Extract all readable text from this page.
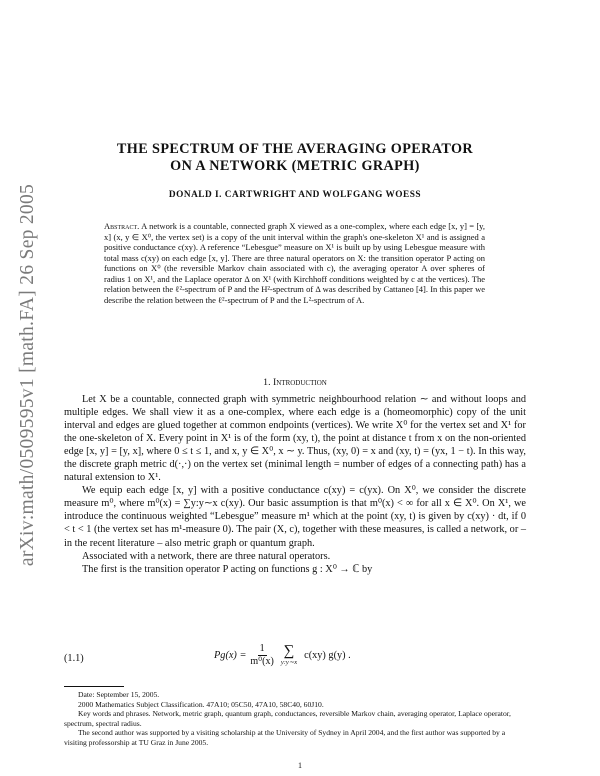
arXiv:math/0509595v1 [math.FA] 26 Sep 2005
THE SPECTRUM OF THE AVERAGING OPERATOR
ON A NETWORK (METRIC GRAPH)
DONALD I. CARTWRIGHT AND WOLFGANG WOESS
Abstract. A network is a countable, connected graph X viewed as a one-complex, where each edge [x, y] = [y, x] (x, y ∈ X⁰, the vertex set) is a copy of the unit interval within the graph's one-skeleton X¹ and is assigned a positive conductance c(xy). A reference “Lebesgue” measure on X¹ is built up by using Lebesgue measure with total mass c(xy) on each edge [x, y]. There are three natural operators on X: the transition operator P acting on functions on X⁰ (the reversible Markov chain associated with c), the averaging operator A over spheres of radius 1 on X¹, and the Laplace operator Δ on X¹ (with Kirchhoff conditions weighted by c at the vertices). The relation between the ℓ²-spectrum of P and the H²-spectrum of Δ was described by Cattaneo [4]. In this paper we describe the relation between the ℓ²-spectrum of P and the L²-spectrum of A.
1. Introduction

Let X be a countable, connected graph with symmetric neighbourhood relation ∼ and without loops and multiple edges. We shall view it as a one-complex, where each edge is a (homeomorphic) copy of the unit interval and edges are glued together at common endpoints (vertices). We write X⁰ for the vertex set and X¹ for the one-skeleton of X. Every point in X¹ is of the form (xy, t), the point at distance t from x on the non-oriented edge [x, y] = [y, x], where 0 ≤ t ≤ 1, and x, y ∈ X⁰, x ∼ y. Thus, (xy, 0) = x and (xy, t) = (yx, 1 − t). In this way, the discrete graph metric d(·,·) on the vertex set (minimal length = number of edges of a connecting path) has a natural extension to X¹.

We equip each edge [x, y] with a positive conductance c(xy) = c(yx). On X⁰, we consider the discrete measure m⁰, where m⁰(x) = ∑y:y∼x c(xy). Our basic assumption is that m⁰(x) < ∞ for all x ∈ X⁰. On X¹, we introduce the continuous weighted “Lebesgue” measure m¹ which at the point (xy, t) is given by c(xy) · dt, if 0 < t < 1 (the vertex set has m¹-measure 0). The pair (X, c), together with these measures, is called a network, or – in the recent literature – also metric graph or quantum graph.

Associated with a network, there are three natural operators.

The first is the transition operator P acting on functions g : X⁰ → ℂ by

(1.1)	$Pg(x) = \frac{1}{\text{m⁰(x)}}$ ∑
y:y∼x
c(xy) g(y) .

Date: September 15, 2005.

2000 Mathematics Subject Classification. 47A10; 05C50, 47A10, 58C40, 60J10.

Key words and phrases. Network, metric graph, quantum graph, conductances, reversible Markov chain, averaging operator, Laplace operator, spectrum, spectral radius.

The second author was supported by a visiting scholarship at the University of Sydney in April 2004, and the first author was supported by a visiting professorship at TU Graz in June 2005.

1
